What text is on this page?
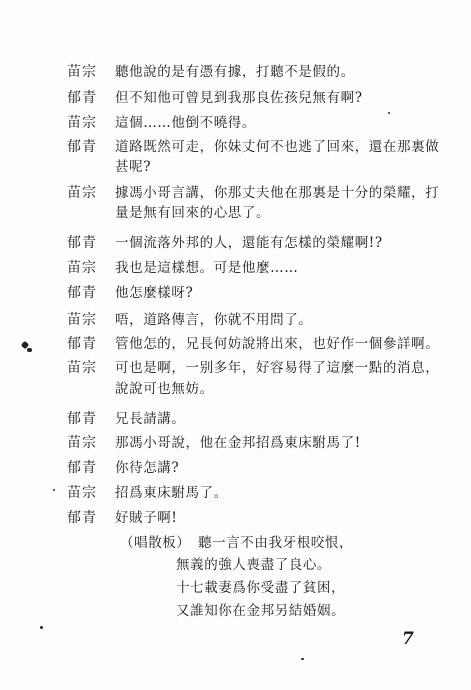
苗宗	聽他說的是有憑有據，打聽不是假的。
郁青	但不知他可曾見到我那良佐孩兒無有啊?
苗宗	這個……他倒不曉得。
郁青	道路既然可走，你妹丈何不也逃了回來，還在那裏做
甚呢?
苗宗	據馮小哥言講，你那丈夫他在那裏是十分的榮耀，打
量是無有回來的心思了。
郁青	一個流落外邦的人，還能有怎樣的榮耀啊!?
苗宗	我也是這樣想。可是他麼……
郁青	他怎麼樣呀?
苗宗	唔，道路傳言，你就不用問了。
郁青	管他怎的，兄長何妨說將出來，也好作一個參詳啊。
苗宗	可也是啊，一别多年，好容易得了這麼一點的消息，
說說可也無妨。
郁青	兄長請講。
苗宗	那馮小哥說，他在金邦招爲東床駙馬了!
郁青	你待怎講?
苗宗	招爲東床駙馬了。
郁青	好賊子啊!
（唱散板） 聽一言不由我牙根咬恨，
無義的強人喪盡了良心。
十七載妻爲你受盡了貧困，
又誰知你在金邦另結婚姻。
7
